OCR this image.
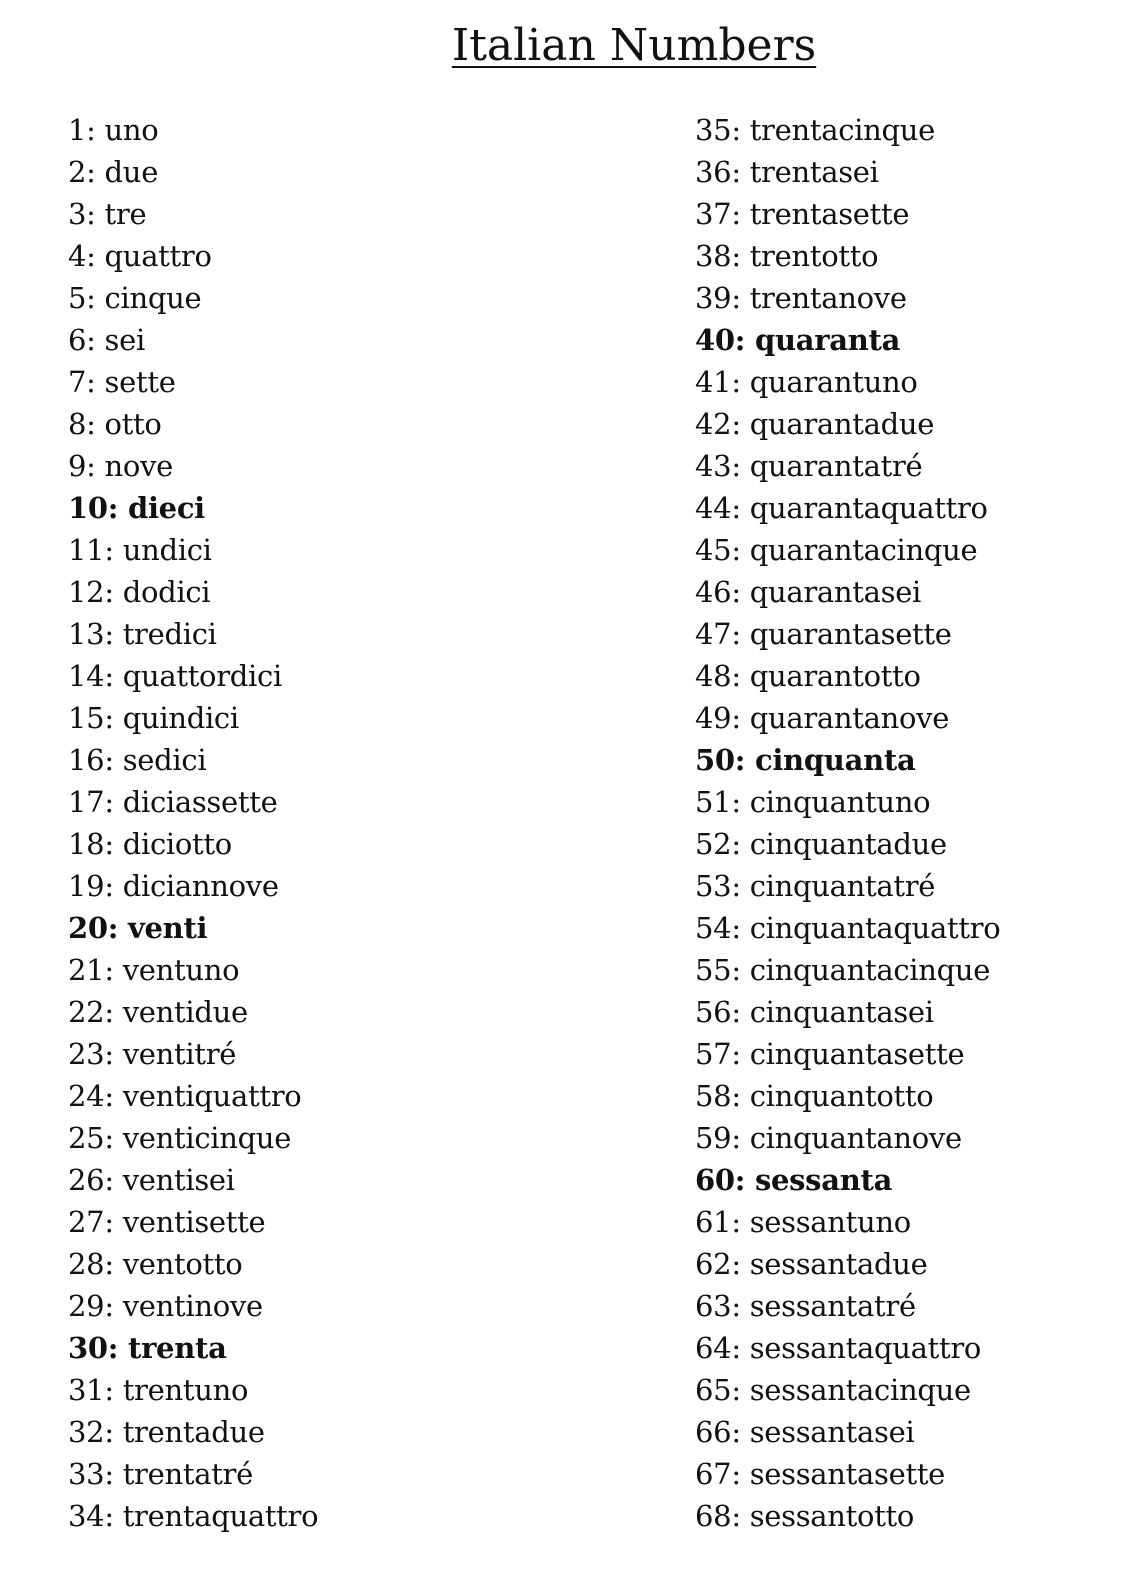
Italian Numbers
1: uno
2: due
3: tre
4: quattro
5: cinque
6: sei
7: sette
8: otto
9: nove
10: dieci
11: undici
12: dodici
13: tredici
14: quattordici
15: quindici
16: sedici
17: diciassette
18: diciotto
19: diciannove
20: venti
21: ventuno
22: ventidue
23: ventitré
24: ventiquattro
25: venticinque
26: ventisei
27: ventisette
28: ventotto
29: ventinove
30: trenta
31: trentuno
32: trentadue
33: trentatré
34: trentaquattro
35: trentacinque
36: trentasei
37: trentasette
38: trentotto
39: trentanove
40: quaranta
41: quarantuno
42: quarantadue
43: quarantatré
44: quarantaquattro
45: quarantacinque
46: quarantasei
47: quarantasette
48: quarantotto
49: quarantanove
50: cinquanta
51: cinquantuno
52: cinquantadue
53: cinquantatré
54: cinquantaquattro
55: cinquantacinque
56: cinquantasei
57: cinquantasette
58: cinquantotto
59: cinquantanove
60: sessanta
61: sessantuno
62: sessantadue
63: sessantatré
64: sessantaquattro
65: sessantacinque
66: sessantasei
67: sessantasette
68: sessantotto
